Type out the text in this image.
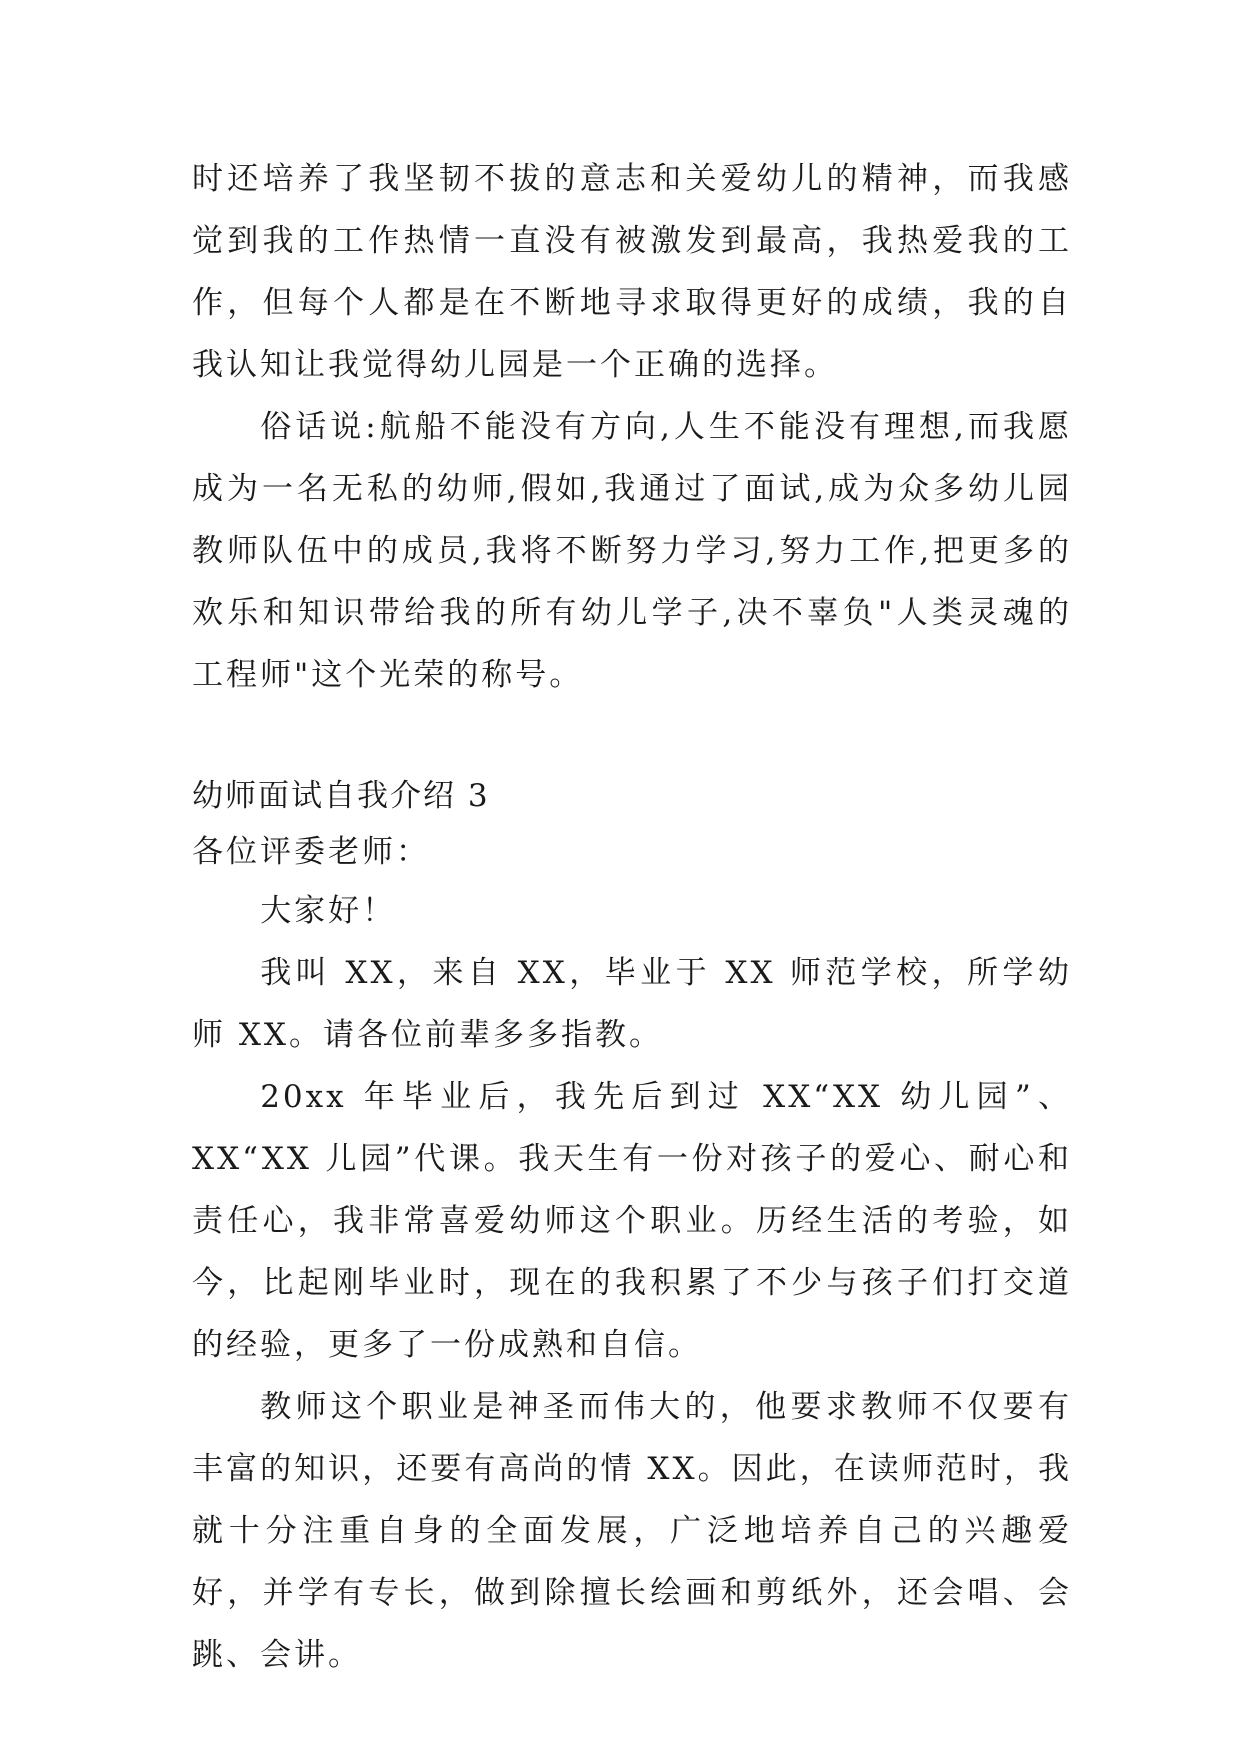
时还培养了我坚韧不拔的意志和关爱幼儿的精神，而我感觉到我的工作热情一直没有被激发到最高，我热爱我的工作，但每个人都是在不断地寻求取得更好的成绩，我的自我认知让我觉得幼儿园是一个正确的选择。

俗话说:航船不能没有方向,人生不能没有理想,而我愿成为一名无私的幼师,假如,我通过了面试,成为众多幼儿园教师队伍中的成员,我将不断努力学习,努力工作,把更多的欢乐和知识带给我的所有幼儿学子,决不辜负"人类灵魂的工程师"这个光荣的称号。

幼师面试自我介绍 3

各位评委老师：

大家好！

我叫 XX，来自 XX，毕业于 XX 师范学校，所学幼师 XX。请各位前辈多多指教。

20xx 年毕业后，我先后到过 XX“XX 幼儿园”、XX“XX 儿园”代课。我天生有一份对孩子的爱心、耐心和责任心，我非常喜爱幼师这个职业。历经生活的考验，如今，比起刚毕业时，现在的我积累了不少与孩子们打交道的经验，更多了一份成熟和自信。

教师这个职业是神圣而伟大的，他要求教师不仅要有丰富的知识，还要有高尚的情 XX。因此，在读师范时，我就十分注重自身的全面发展，广泛地培养自己的兴趣爱好，并学有专长，做到除擅长绘画和剪纸外，还会唱、会跳、会讲。
